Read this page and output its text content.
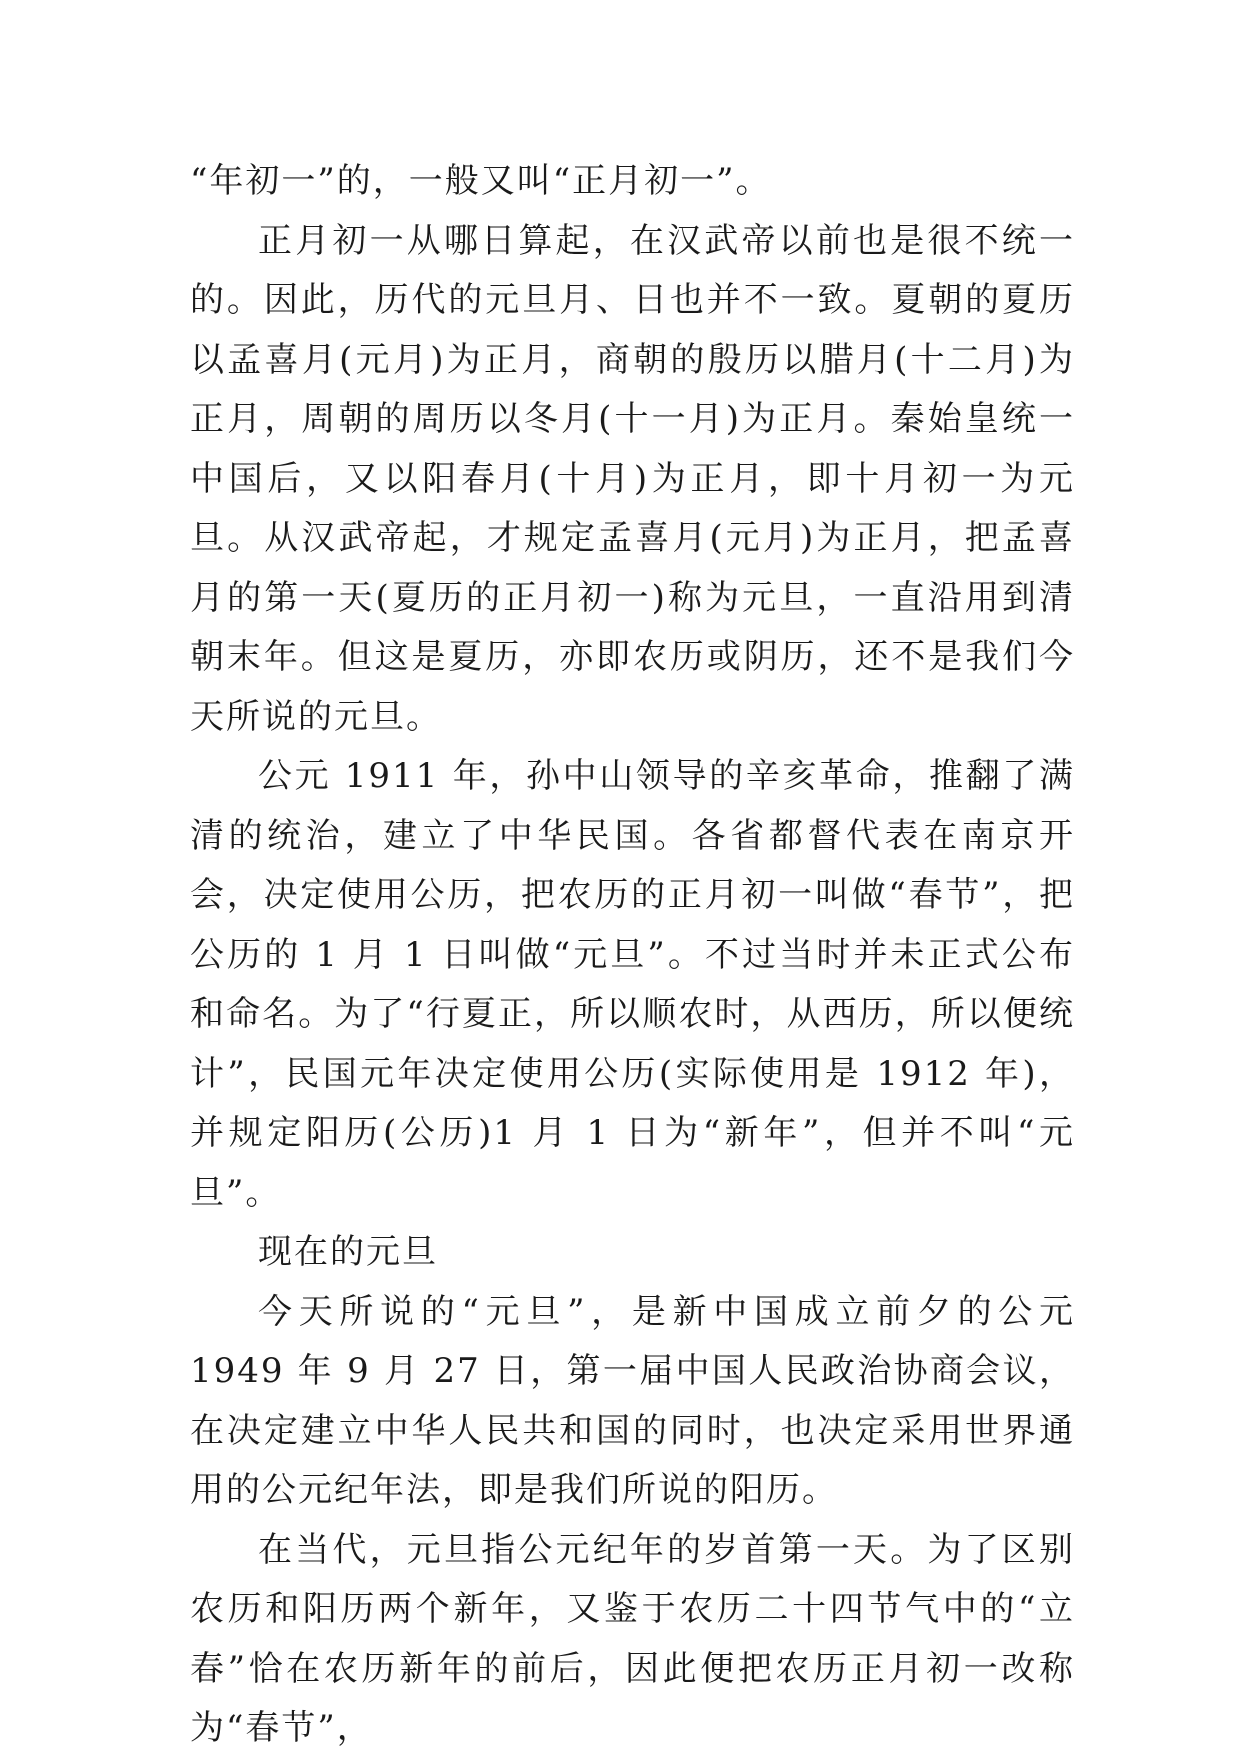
“年初一”的，一般又叫“正月初一”。

正月初一从哪日算起，在汉武帝以前也是很不统一的。因此，历代的元旦月、日也并不一致。夏朝的夏历以孟喜月(元月)为正月，商朝的殷历以腊月(十二月)为正月，周朝的周历以冬月(十一月)为正月。秦始皇统一中国后，又以阳春月(十月)为正月，即十月初一为元旦。从汉武帝起，才规定孟喜月(元月)为正月，把孟喜月的第一天(夏历的正月初一)称为元旦，一直沿用到清朝末年。但这是夏历，亦即农历或阴历，还不是我们今天所说的元旦。

公元 1911 年，孙中山领导的辛亥革命，推翻了满清的统治，建立了中华民国。各省都督代表在南京开会，决定使用公历，把农历的正月初一叫做“春节”，把公历的 1 月 1 日叫做“元旦”。不过当时并未正式公布和命名。为了“行夏正，所以顺农时，从西历，所以便统计”，民国元年决定使用公历(实际使用是 1912 年)，并规定阳历(公历)1 月 1 日为“新年”，但并不叫“元旦”。

现在的元旦

今天所说的“元旦”，是新中国成立前夕的公元 1949 年 9 月 27 日，第一届中国人民政治协商会议，在决定建立中华人民共和国的同时，也决定采用世界通用的公元纪年法，即是我们所说的阳历。

在当代，元旦指公元纪年的岁首第一天。为了区别农历和阳历两个新年，又鉴于农历二十四节气中的“立春”恰在农历新年的前后，因此便把农历正月初一改称为“春节”，
